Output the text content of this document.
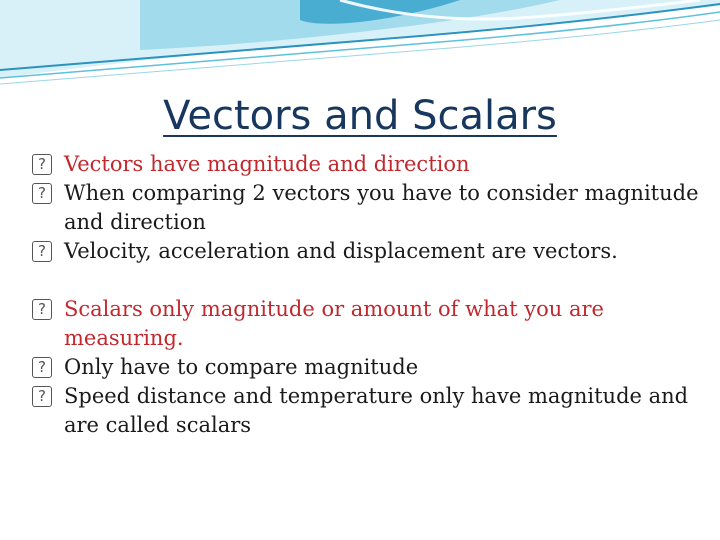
Vectors and Scalars
? Vectors have magnitude and direction
? When comparing 2 vectors you have to consider magnitude and direction
? Velocity, acceleration and displacement are vectors.
? Scalars only magnitude or amount of what you are measuring.
? Only have to compare magnitude
? Speed distance and temperature only have magnitude and are called scalars
